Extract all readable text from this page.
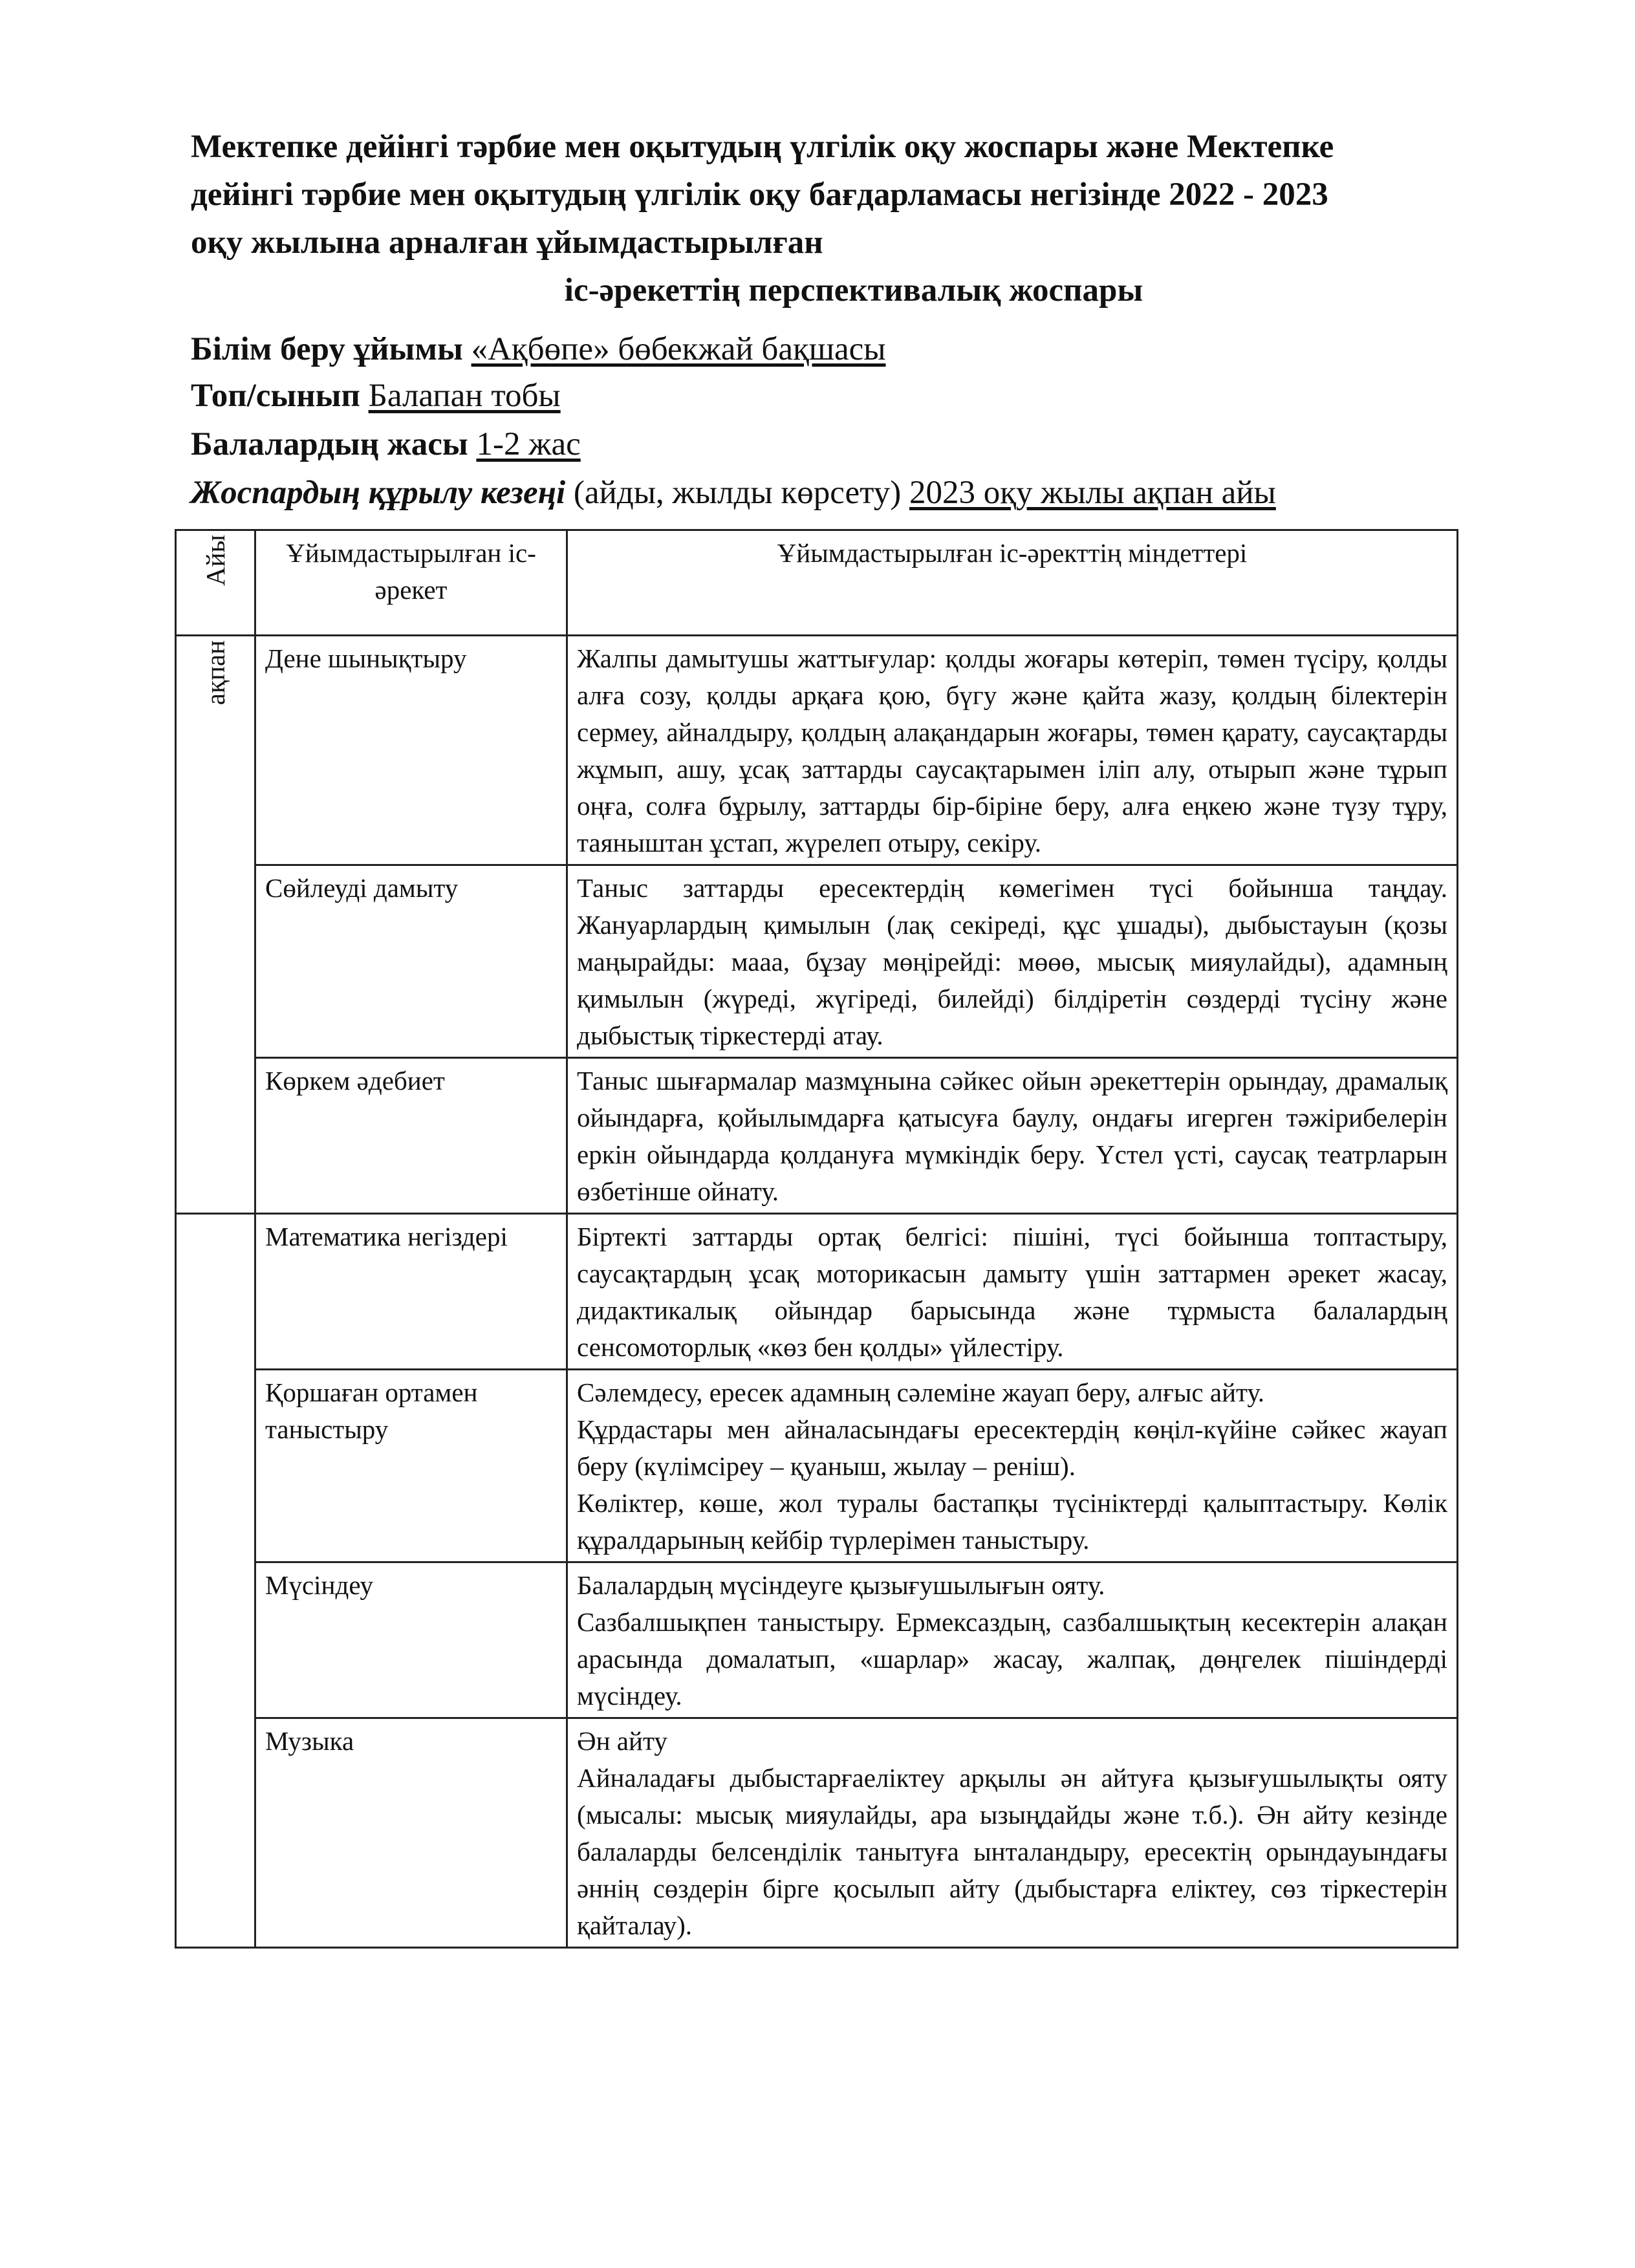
Мектепке дейінгі тәрбие мен оқытудың үлгілік оқу жоспары және Мектепке
дейінгі тәрбие мен оқытудың үлгілік оқу бағдарламасы негізінде 2022 - 2023
оқу жылына арналған ұйымдастырылған

іс-әрекеттің перспективалық жоспары
Білім беру ұйымы «Ақбөпе» бөбекжай бақшасы
Топ/сынып Балапан тобы
Балалардың жасы 1-2 жас
Жоспардың құрылу кезеңі (айды, жылды көрсету) 2023 оқу жылы ақпан айы
Айы	Ұйымдастырылған іс-әрекет	Ұйымдастырылған іс-әректтің міндеттері
ақпан	Дене шынықтыру	Жалпы дамытушы жаттығулар: қолды жоғары көтеріп, төмен түсіру, қолды алға созу, қолды арқаға қою, бүгу және қайта жазу, қолдың білектерін сермеу, айналдыру, қолдың алақандарын жоғары, төмен қарату, саусақтарды жұмып, ашу, ұсақ заттарды саусақтарымен іліп алу, отырып және тұрып оңға, солға бұрылу, заттарды бір-біріне беру, алға еңкею және түзу тұру, таяныштан ұстап, жүрелеп отыру, секіру.

	Сөйлеуді дамыту	Таныс заттарды ересектердің көмегімен түсі бойынша таңдау. Жануарлардың қимылын (лақ секіреді, құс ұшады), дыбыстауын (қозы маңырайды: мааа, бұзау мөңірейді: мөөө, мысық мияулайды), адамның қимылын (жүреді, жүгіреді, билейді) білдіретін сөздерді түсіну және дыбыстық тіркестерді атау.

	Көркем әдебиет	Таныс шығармалар мазмұнына сәйкес ойын әрекеттерін орындау, драмалық ойындарға, қойылымдарға қатысуға баулу, ондағы игерген тәжірибелерін еркін ойындарда қолдануға мүмкіндік беру. Үстел үсті, саусақ театрларын өзбетінше ойнату.

	Математика негіздері	Біртекті заттарды ортақ белгісі: пішіні, түсі бойынша топтастыру, саусақтардың ұсақ моторикасын дамыту үшін заттармен әрекет жасау, дидактикалық ойындар барысында және тұрмыста балалардың сенсомоторлық «көз бен қолды» үйлестіру.

	Қоршаған ортамен таныстыру	Сәлемдесу, ересек адамның сәлеміне жауап беру, алғыс айту.

Құрдастары мен айналасындағы ересектердің көңіл-күйіне сәйкес жауап беру (күлімсіреу – қуаныш, жылау – реніш).

Көліктер, көше, жол туралы бастапқы түсініктерді қалыптастыру. Көлік құралдарының кейбір түрлерімен таныстыру.

	Мүсіндеу	Балалардың мүсіндеуге қызығушылығын ояту.

Сазбалшықпен таныстыру. Ермексаздың, сазбалшықтың кесектерін алақан арасында домалатып, «шарлар» жасау, жалпақ, дөңгелек пішіндерді мүсіндеу.

	Музыка	Ән айту

Айналадағы дыбыстарғаеліктеу арқылы ән айтуға қызығушылықты ояту (мысалы: мысық мияулайды, ара ызыңдайды және т.б.). Ән айту кезінде балаларды белсенділік танытуға ынталандыру, ересектің орындауындағы әннің сөздерін бірге қосылып айту (дыбыстарға еліктеу, сөз тіркестерін қайталау).
